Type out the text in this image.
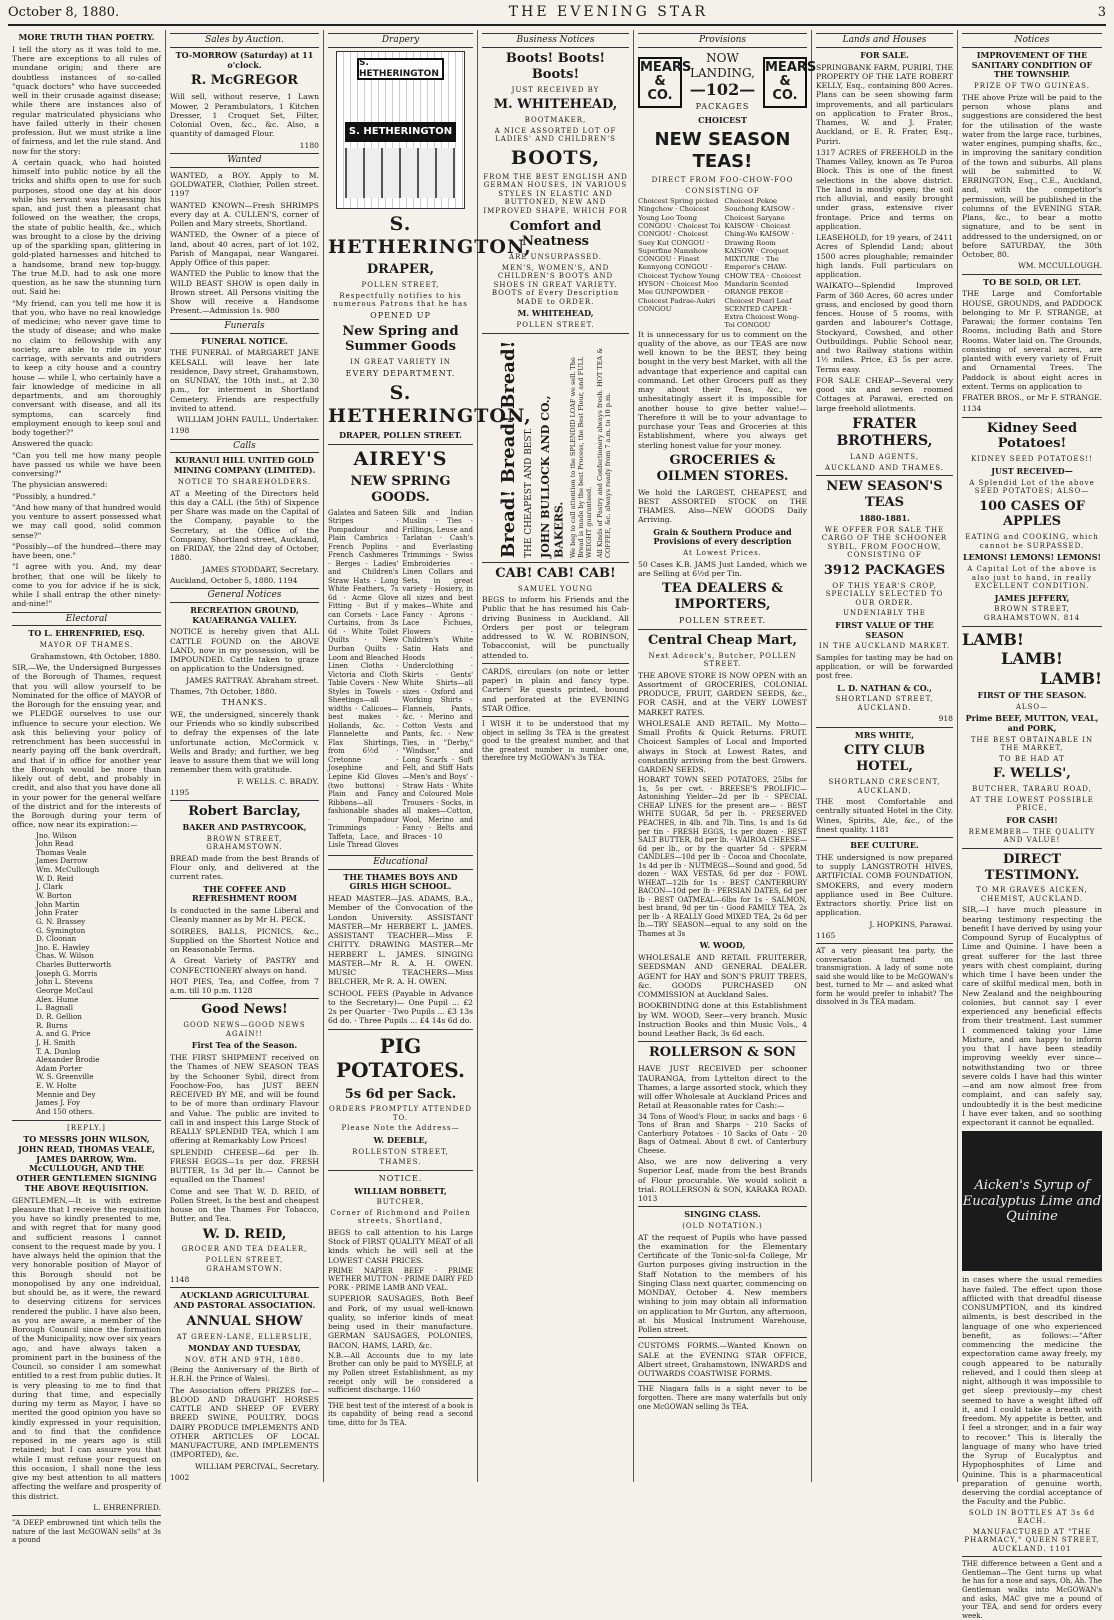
October 8, 1880.	THE EVENING STAR	3
MORE TRUTH THAN POETRY.

I tell the story as it was told to me. There are exceptions to all rules of mundane origin; and there are doubtless instances of so-called "quack doctors" who have succeeded well in their crusade against disease; while there are instances also of regular matriculated physicians who have failed utterly in their chosen profession. But we must strike a line of fairness, and let the rule stand. And now for the story:

A certain quack, who had hoisted himself into public notice by all the tricks and shifts open to use for such purposes, stood one day at his door while his servant was harnessing his span, and just then a pleasant chat followed on the weather, the crops, the state of public health, &c., which was brought to a close by the driving up of the sparkling span, glittering in gold-plated harnesses and hitched to a handsome, brand new top-buggy. The true M.D. had to ask one more question, as he saw the stunning turn out. Said he:

"My friend, can you tell me how it is that you, who have no real knowledge of medicine; who never gave time to the study of disease; and who make no claim to fellowship with any society, are able to ride in your carriage, with servants and outriders to keep a city house and a country house — while I, who certainly have a fair knowledge of medicine in all departments, and am thoroughly conversant with disease, and all its symptoms, can scarcely find employment enough to keep soul and body together?"

Answered the quack:

"Can you tell me how many people have passed us while we have been conversing?"

The physician answered:

"Possibly, a hundred."

"And how many of that hundred would you venture to assert possessed what we may call good, solid common sense?"

"Possibly—of the hundred—there may have been, one."

"I agree with you. And, my dear brother, that one will be likely to come to you for advice if he is sick, while I shall entrap the other ninety-and-nine!"

Electoral
TO L. EHRENFRIED, ESQ.
MAYOR OF THAMES.

Grahamstown, 4th October, 1880.

SIR,—We, the Undersigned Burgesses of the Borough of Thames, request that you will allow yourself to be Nominated for the office of MAYOR of the Borough for the ensuing year, and we PLEDGE ourselves to use our influence to secure your election. We ask this believing your policy of retrenchment has been successful in nearly paying off the bank overdraft, and that if in office for another year the Borough would be more than likely out of debt, and probably in credit, and also that you have done all in your power for the general welfare of the district and for the interests of the Borough during your term of office, now near its expiration:—

Jno. Wilson
John Read
Thomas Veale
James Darrow
Wm. McCullough
W. D. Reid
J. Clark
W. Borton
John Martin
John Frater
G. N. Brassey
G. Symington
D. Cloonan
Jno. E. Hawley
Chas. W. Wilson
Charles Butterworth
Joseph G. Morris
John L. Stevens
George McCaul
Alex. Hume
L. Bagnall
D. R. Gellion
R. Burns
A. and G. Price
J. H. Smith
T. A. Dunlop
Alexander Brodie
Adam Porter
W. S. Greenville
E. W. Holte
Mennie and Dey
James J. Foy
And 150 others.
[REPLY.]
TO MESSRS JOHN WILSON, JOHN READ, THOMAS VEALE, JAMES DARROW, Wm. McCULLOUGH, AND THE OTHER GENTLEMEN SIGNING THE ABOVE REQUISITION.

GENTLEMEN,—It is with extreme pleasure that I receive the requisition you have so kindly presented to me, and with regret that for many good and sufficient reasons I cannot consent to the request made by you. I have always held the opinion that the very honorable position of Mayor of this Borough should not be monopolised by any one individual, but should be, as it were, the reward to deserving citizens for services rendered the public. I have also been, as you are aware, a member of the Borough Council since the formation of the Municipality, now over six years ago, and have always taken a prominent part in the business of the Council, so consider I am somewhat entitled to a rest from public duties. It is very pleasing to me to find that during that time, and especially during my term as Mayor, I have so merited the good opinion you have so kindly expressed in your requisition, and to find that the confidence reposed in me years ago is still retained; but I can assure you that while I must refuse your request on this occasion, I shall none the less give my best attention to all matters affecting the welfare and prosperity of this district.

L. EHRENFRIED.

"A DEEP embrowned tint which tells the nature of the last McGOWAN sells" at 3s a pound

Sales by Auction.
TO-MORROW (Saturday) at 11 o'clock.
R. McGREGOR

Will sell, without reserve, 1 Lawn Mower, 2 Perambulators, 1 Kitchen Dresser, 1 Croquet Set, Filter, Colonial Oven, &c., &c. Also, a quantity of damaged Flour.

1180

Wanted

WANTED, a BOY. Apply to M. GOLDWATER, Clothier, Pollen street. 1197

WANTED KNOWN—Fresh SHRIMPS every day at A. CULLEN'S, corner of Pollen and Mary streets, Shortland.

WANTED, the Owner of a piece of land, about 40 acres, part of lot 102, Parish of Mangapai, near Wangarei. Apply Office of this paper.

WANTED the Public to know that the WILD BEAST SHOW is open daily in Brown street. All Persons visiting the Show will receive a Handsome Present.—Admission 1s. 980

Funerals
FUNERAL NOTICE.

THE FUNERAL of MARGARET JANE KELSALL will leave her late residence, Davy street, Grahamstown, on SUNDAY, the 10th inst., at 2.30 p.m., for interment in Shortland Cemetery. Friends are respectfully invited to attend.

WILLIAM JOHN FAULL, Undertaker.

1198

Calls
KURANUI HILL UNITED GOLD MINING COMPANY (LIMITED).
NOTICE TO SHAREHOLDERS.

AT a Meeting of the Directors held this day a CALL (the 5th) of Sixpence per Share was made on the Capital of the Company, payable to the Secretary, at the Office of the Company, Shortland street, Auckland, on FRIDAY, the 22nd day of October, 1880.

JAMES STODDART, Secretary.

Auckland, October 5, 1880. 1194

General Notices
RECREATION GROUND, KAUAERANGA VALLEY.

NOTICE is hereby given that ALL CATTLE FOUND on the ABOVE LAND, now in my possession, will be IMPOUNDED. Cattle taken to graze on application to the Undersigned.

JAMES RATTRAY. Abraham street.

Thames, 7th October, 1880.

THANKS.

WE, the undersigned, sincerely thank our Friends who so kindly subscribed to defray the expenses of the late unfortunate action, McCormick v. Wells and Brady; and further, we beg leave to assure them that we will long remember them with gratitude.

F. WELLS. C. BRADY.

1195

Robert Barclay,
BAKER AND PASTRYCOOK,
BROWN STREET, GRAHAMSTOWN.

BREAD made from the best Brands of Flour only, and delivered at the current rates.

THE COFFEE AND REFRESHMENT ROOM

Is conducted in the same Liberal and Cleanly manner as by Mr H. PECK.

SOIREES, BALLS, PICNICS, &c., Supplied on the Shortest Notice and on Reasonable Terms.

A Great Variety of PASTRY and CONFECTIONERY always on hand.

HOT PIES, Tea, and Coffee, from 7 a.m. till 10 p.m. 1128

Good News!
GOOD NEWS—GOOD NEWS AGAIN!!
First Tea of the Season.

THE FIRST SHIPMENT received on the Thames of NEW SEASON TEAS by the Schooner Sybil, direct from Foochow-Foo, has JUST BEEN RECEIVED BY ME, and will be found to be of more than ordinary Flavour and Value. The public are invited to call in and inspect this Large Stock of REALLY SPLENDID TEA, which I am offering at Remarkably Low Prices!

SPLENDID CHEESE—6d per lb. FRESH EGGS—1s per doz. FRESH BUTTER, 1s 3d per lb.— Cannot be equalled on the Thames!

Come and see That W. D. REID, of Pollen Street, Is the best and cheapest house on the Thames For Tobacco, Butter, and Tea.

W. D. REID,
GROCER AND TEA DEALER,
POLLEN STREET, GRAHAMSTOWN.

1148

AUCKLAND AGRICULTURAL AND PASTORAL ASSOCIATION.
ANNUAL SHOW
AT GREEN-LANE, ELLERSLIE,
MONDAY AND TUESDAY,
NOV. 8TH AND 9TH, 1880.

(Being the Anniversary of the Birth of H.R.H. the Prince of Wales).

The Association offers PRIZES for— BLOOD AND DRAUGHT HORSES CATTLE AND SHEEP OF EVERY BREED SWINE, POULTRY, DOGS DAIRY PRODUCE IMPLEMENTS AND OTHER ARTICLES OF LOCAL MANUFACTURE, AND IMPLEMENTS (IMPORTED), &c.

WILLIAM PERCIVAL, Secretary.

1002

Drapery
S. HETHERINGTON
S. HETHERINGTON
S. HETHERINGTON,
DRAPER,
POLLEN STREET,
Respectfully notifies to his numerous Patrons that he has
OPENED UP
New Spring and Summer Goods
IN GREAT VARIETY IN
EVERY DEPARTMENT.
S. HETHERINGTON,
DRAPER, POLLEN STREET.
AIREY'S
NEW SPRING GOODS.

Galatea and Sateen Stripes · Pompadour and Plain Cambrics · French Poplins · French Cashmeres · Berges · Ladies' and Children's Straw Hats · Long White Feathers, 7s 6d · Acme Glove Fitting · But if y can Corsets · Lace Curtains, from 3s 6d · White Toilet Quilts · New Durban Quilts · Loom and Bleached Linen Cloths · Victoria and Cloth Table Covers · New Styles in Towels · Sheetings—all widths · Calicoes—best makes · Hollands, &c. · Flannelette and Flax Shirtings, from 6½d · Cretonne · Josephine and Lepine Kid Gloves (two buttons) · Plain and Fancy Ribbons—all fashionable shades · Pompadour Trimmings · Taffeta, Lace, and Lisle Thread Gloves

Silk and Indian Muslin · Ties · Frillings, Leuse and Tarlatan · Cash's and Everlasting Trimmings · Swiss Embroideries · Linen Collars and Sets, in great variety · Hosiery, in all sizes and best makes—White and Fancy · Aprons · Lace Fichues, Flowers · Children's White Satin Hats and Hoods · Underclothing · Skirts · Gents' White Shirts—all sizes · Oxford and Working Shirts · Flannels, Pants, &c. · Merino and Cotton Vests and Pants, &c. · New Ties, in "Derby," "Windsor," and Long Scarfs · Soft Felt, and Stiff Hats—Men's and Boys' · Straw Hats · White and Coloured Mole Trousers · Socks, in all makes—Cotton, Wool, Merino and Fancy · Belts and Braces · 10

Educational
THE THAMES BOYS AND GIRLS HIGH SCHOOL.

HEAD MASTER—JAS. ADAMS, B.A., Member of the Convocation of the London University. ASSISTANT MASTER—Mr HERBERT L. JAMES. ASSISTANT TEACHER—Miss F. CHITTY. DRAWING MASTER—Mr HERBERT L. JAMES. SINGING MASTER—Mr R. A. H. OWEN. MUSIC TEACHERS—Miss BELCHER, Mr R. A. H. OWEN.

SCHOOL FEES (Payable in Advance to the Secretary)— One Pupil ... £2 2s per Quarter · Two Pupils ... £3 13s 6d do. · Three Pupils ... £4 14s 6d do.

PIG POTATOES.
5s 6d per Sack.
ORDERS PROMPTLY ATTENDED TO.
Please Note the Address—
W. DEEBLE,
ROLLESTON STREET,
THAMES.
NOTICE.
WILLIAM BOBBETT,
BUTCHER,
Corner of Richmond and Pollen streets, Shortland,

BEGS to call attention to his Large Stock of FIRST QUALITY MEAT of all kinds which he will sell at the LOWEST CASH PRICES.

PRIME NAPIER BEEF · PRIME WETHER MUTTON · PRIME DAIRY FED PORK · PRIME LAMB AND VEAL.

SUPERIOR SAUSAGES, Both Beef and Pork, of my usual well-known quality, so inferior kinds of meat being used in their manufacture. GERMAN SAUSAGES, POLONIES, BACON, HAMS, LARD, &c.

N.B.—All Accounts due to my late Brother can only be paid to MYSELF, at my Pollen street Establishment, as my receipt only will be considered a sufficient discharge. 1160

THE best test of the interest of a book is its capability of being read a second time, ditto for 3s TEA.

Business Notices
Boots! Boots! Boots!
JUST RECEIVED BY
M. WHITEHEAD,
BOOTMAKER,
A NICE ASSORTED LOT OF LADIES' AND CHILDREN'S
BOOTS,
FROM THE BEST ENGLISH AND GERMAN HOUSES, IN VARIOUS STYLES IN ELASTIC AND BUTTONED, NEW AND IMPROVED SHAPE, WHICH FOR
Comfort and Neatness
ARE UNSURPASSED.
MEN'S, WOMEN'S, AND CHILDREN'S BOOTS AND SHOES IN GREAT VARIETY. BOOTS of Every Description MADE to ORDER.
M. WHITEHEAD,
POLLEN STREET.
Bread! Bread! Bread! THE CHEAPEST AND BEST. JOHN BULLOCK AND CO., BAKERS. We beg to call attention to the SPLENDID LOAF we sell. The Bread is made by the best Process, the Best Flour, and FULL WEIGHT guaranteed. All Kinds of Pastry and Confectionery always fresh. HOT TEA & COFFEE, &c. always ready from 7 a.m. to 10 p.m.
CAB! CAB! CAB!
SAMUEL YOUNG

BEGS to inform his Friends and the Public that he has resumed his Cab-driving Business in Auckland. All Orders per post or telegram addressed to W. W. ROBINSON, Tobacconist, will be punctually attended to.

CARDS, circulars (on note or letter paper) in plain and fancy type. Carters' Re quests printed, bound and perforated at the EVENING STAR Office.

I WISH it to be understood that my object in selling 3s TEA is the greatest good to the greatest number, and that the greatest number is number one, therefore try McGOWAN's 3s TEA.

Provisions
MEARS & CO.
NOW LANDING,
—102—
PACKAGES
MEARS & CO.
CHOICEST
NEW SEASON TEAS!
DIRECT FROM FOO-CHOW-FOO
CONSISTING OF
Choicest Spring picked Ningchow · Choicest Young Loo Toong CONGOU · Choicest Toi CONGOU · Choicest Suey Kut CONGOU · Superfine Namshow CONGOU · Finest Kennyong CONGOU · Choicest Tychow Young HYSON · Choicest Moo Mee GUNPOWDER · Choicest Padrae-Aukri CONGOU
Choicest Pekoe Souchong KAISOW · Choicest Saryane KAISOW · Choicest Ching-Wo KAISOW · Drawing Room KAISOW · Croquet MIXTURE · The Emperor's CHAW-CHOW TEA · Choicest Mandarin Scented ORANGE PEKOE · Choicest Pearl Leaf SCENTED CAPER · Extra Choicest Wong-Toi CONGOU

It is unnecessary for us to comment on the quality of the above, as our TEAS are now well known to be the BEST, they being bought in the very best Market, with all the advantage that experience and capital can command. Let other Grocers puff as they may about their Teas, &c., we unhesitatingly assert it is impossible for another house to give better value!—Therefore it will be to your advantage to purchase your Teas and Groceries at this Establishment, where you always get sterling honest value for your money.

GROCERIES & OILMEN STORES.

We hold the LARGEST, CHEAPEST, and BEST ASSORTED STOCK on THE THAMES. Also—NEW GOODS Daily Arriving.

Grain & Southern Produce and Provisions of every description
At Lowest Prices.

50 Cases K.B. JAMS Just Landed, which we are Selling at 6½d per Tin.

TEA DEALERS & IMPORTERS,
POLLEN STREET.
Central Cheap Mart,
Next Adcock's, Butcher, POLLEN STREET.

THE ABOVE STORE IS NOW OPEN with an Assortment of GROCERIES, COLONIAL PRODUCE, FRUIT, GARDEN SEEDS, &c., FOR CASH, and at the VERY LOWEST MARKET RATES.

WHOLESALE AND RETAIL. My Motto—Small Profits & Quick Returns. FRUIT. Choicest Samples of Local and Imported always in Stock at Lowest Rates, and constantly arriving from the best Growers. GARDEN SEEDS.

HOBART TOWN SEED POTATOES, 25lbs for 1s, 5s per cwt. · BREESE'S PROLIFIC—Astonishing Yielder—2d per lb · SPECIAL CHEAP LINES for the present are— · BEST WHITE SUGAR, 5d per lb. · PRESERVED PEACHES, in 4lb. and 7lb. Tins, 1s and 1s 6d per tin · FRESH EGGS, 1s per dozen · BEST SALT BUTTER, 8d per lb. · WAIROA CHEESE—6d per lb., or by the quarter 5d · SPERM CANDLES—10d per lb · Cocoa and Chocolate, 1s 4d per lb · NUTMEGS—Sound and good, 5d dozen · WAX VESTAS, 6d per doz · FOWL WHEAT—12lb for 1s · BEST CANTERBURY BACON—10d per lb · PERSIAN DATES, 6d per lb · BEST OATMEAL—6lbs for 1s · SALMON, best brand, 9d per tin · Good FAMILY TEA, 2s per lb · A REALLY Good MIXED TEA, 2s 6d per lb.—TRY SEASON—equal to any sold on the Thames at 3s

W. WOOD,

WHOLESALE AND RETAIL FRUITERER, SEEDSMAN AND GENERAL DEALER. AGENT for HAY and SON'S FRUIT TREES, &c. GOODS PURCHASED ON COMMISSION at Auckland Sales.

BOOKBINDING done at this Establishment by WM. WOOD, Seer—very branch. Music Instruction Books and thin Music Vols., 4 bound Leather Back, 3s 6d each.

ROLLERSON & SON

HAVE JUST RECEIVED per schooner TAURANGA, from Lyttelton direct to the Thames, a large assorted stock, which they will offer Wholesale at Auckland Prices and Retail at Reasonable rates for Cash:—

34 Tons of Wood's Flour, in sacks and bags · 6 Tons of Bran and Sharps · 210 Sacks of Canterbury Potatoes · 10 Sacks of Oats · 20 Bags of Oatmeal. About 8 cwt. of Canterbury Cheese.

Also, we are now delivering a very Superior Leaf, made from the best Brands of Flour procurable. We would solicit a trial. ROLLERSON & SON, KARAKA ROAD. 1013

SINGING CLASS.
(OLD NOTATION.)

AT the request of Pupils who have passed the examination for the Elementary Certificate of the Tonic-sol-fa College, Mr Gurton purposes giving instruction in the Staff Notation to the members of his Singing Class next quarter, commencing on MONDAY, October 4. New members wishing to join may obtain all information on application to Mr Gurton, any afternoon, at his Musical Instrument Warehouse, Pollen street.

CUSTOMS FORMS.—Wanted Known on SALE at the EVENING STAR OFFICE, Albert street, Grahamstown, INWARDS and OUTWARDS COASTWISE FORMS.

THE Niagara falls is a sight never to be forgotten. There are many waterfalls but only one McGOWAN selling 3s TEA.

Lands and Houses
FOR SALE.

SPRINGBANK FARM, PURIRI, THE PROPERTY OF THE LATE ROBERT KELLY, Esq., containing 800 Acres. Plans can be seen showing farm improvements, and all particulars on application to Frater Bros., Thames, W. and J. Frater, Auckland, or E. R. Frater, Esq., Puriri.

1317 ACRES of FREEHOLD in the Thames Valley, known as Te Puroa Block. This is one of the finest selections in the above district. The land is mostly open; the soil rich alluvial, and easily brought under grass, extensive river frontage. Price and terms on application.

LEASEHOLD, for 19 years, of 2411 Acres of Splendid Land; about 1500 acres ploughable; remainder high lands. Full particulars on application.

WAIKATO—Splendid Improved Farm of 360 Acres, 60 acres under grass, and enclosed by good thorn fences. House of 5 rooms, with garden and labourer's Cottage, Stockyard, Cowshed, and other Outbuildings. Public School near, and two Railway stations within 1½ miles. Price, £3 5s per acre. Terms easy.

FOR SALE CHEAP—Several very good six and seven roomed Cottages at Parawai, erected on large freehold allotments.

FRATER BROTHERS,
LAND AGENTS,
AUCKLAND AND THAMES.
NEW SEASON'S TEAS
1880-1881.
WE OFFER FOR SALE THE CARGO OF THE SCHOONER SYBIL, FROM FOOCHOW, CONSISTING OF
3912 PACKAGES
OF THIS YEAR'S CROP, SPECIALLY SELECTED TO OUR ORDER.
UNDENIABLY THE
FIRST VALUE OF THE SEASON
IN THE AUCKLAND MARKET.

Samples for tasting may be had on application, or will be forwarded post free.

L. D. NATHAN & CO.,
SHORTLAND STREET, AUCKLAND.

918

MRS WHITE,
CITY CLUB HOTEL,
SHORTLAND CRESCENT, AUCKLAND.

THE most Comfortable and centrally situated Hotel in the City. Wines, Spirits, Ale, &c., of the finest quality. 1181

BEE CULTURE.

THE undersigned is now prepared to supply LANGSTROTH HIVES, ARTIFICIAL COMB FOUNDATION, SMOKERS, and every modern appliance used in Bee Culture. Extractors shortly. Price list on application.

J. HOPKINS, Parawai.

1165

AT a very pleasant tea party, the conversation turned on transmigration. A lady of some note said she would like to be McGOWAN's best, turned to Mr — and asked what form he would prefer to inhabit? The dissolved in 3s TEA madam.

Notices
IMPROVEMENT OF THE SANITARY CONDITION OF THE TOWNSHIP.
PRIZE OF TWO GUINEAS.

THE above Prize will be paid to the person whose plans and suggestions are considered the best for the utilisation of the waste water from the large race, turbines, water engines, pumping shafts, &c., in improving the sanitary condition of the town and suburbs. All plans will be submitted to W. ERRINGTON, Esq., C.E., Auckland, and, with the competitor's permission, will be published in the columns of the EVENING STAR. Plans, &c., to bear a motto signature, and to be sent in addressed to the undersigned, on or before SATURDAY, the 30th October, 80.

WM. MCCULLOUGH.

TO BE SOLD, OR LET.

THE Large and Comfortable HOUSE, GROUNDS, and PADDOCK belonging to Mr F. STRANGE, at Parawai; the former contains Ten Rooms, including Bath and Store Rooms. Water laid on. The Grounds, consisting of several acres, are planted with every variety of Fruit and Ornamental Trees. The Paddock is about eight acres in extent. Terms on application to

FRATER BROS., or Mr F. STRANGE.

1134

Kidney Seed Potatoes!
KIDNEY SEED POTATOES!!
JUST RECEIVED—
A Splendid Lot of the above SEED POTATOES; ALSO—
100 CASES OF APPLES
EATING and COOKING, which cannot be SURPASSED.
LEMONS! LEMONS! LEMONS!
A Capital Lot of the above is also just to hand, in really EXCELLENT CONDITION.
JAMES JEFFERY,
BROWN STREET, GRAHAMSTOWN. 814
LAMB!
LAMB!
LAMB!
FIRST OF THE SEASON.
ALSO—
Prime BEEF, MUTTON, VEAL, and PORK,
THE BEST OBTAINABLE IN THE MARKET,
TO BE HAD AT
F. WELLS',
BUTCHER, TARARU ROAD,
AT THE LOWEST POSSIBLE PRICE,
FOR CASH!
REMEMBER— THE QUALITY AND VALUE!
DIRECT TESTIMONY.
TO MR GRAVES AICKEN, CHEMIST, AUCKLAND.

SIR,—I have much pleasure in bearing testimony respecting the benefit I have derived by using your Compound Syrup of Eucalyptus of Lime and Quinine. I have been a great sufferer for the last three years with chest complaint, during which time I have been under the care of skilful medical men, both in New Zealand and the neighbouring colonies, but cannot say I ever experienced any beneficial effects from their treatment. Last summer I commenced taking your Lime Mixture, and am happy to inform you that I have been steadily improving weekly ever since—notwithstanding two or three severe colds I have had this winter—and am now almost free from complaint, and can safely say, undoubtedly it is the best medicine I have ever taken, and so soothing expectorant it cannot be equalled.

Aicken's Syrup of Eucalyptus Lime and Quinine

in cases where the usual remedies have failed. The effect upon those afflicted with that dreadful disease CONSUMPTION, and its kindred ailments, is best described in the language of one who experienced benefit, as follows:—"After commencing the medicine the expectoration came away freely, my cough appeared to be naturally relieved, and I could then sleep at night, although it was impossible to get sleep previously—my chest seemed to have a weight lifted off it, and I could take a breath with freedom. My appetite is better, and I feel a stronger, and in a fair way to recover." This is literally the language of many who have tried the Syrup of Eucalyptus and Hypophosphites of Lime and Quinine. This is a pharmaceutical preparation of genuine worth, deserving the cordial acceptance of the Faculty and the Public.

SOLD IN BOTTLES AT 3s 6d EACH.
MANUFACTURED AT "THE PHARMACY," QUEEN STREET, AUCKLAND. 1101

THE difference between a Gent and a Gentleman—The Gent turns up what he has for a nose and says, Oh, Ah. The Gentleman walks into McGOWAN's and asks, MAC give me a pound of your TEA, and send for orders every week.
